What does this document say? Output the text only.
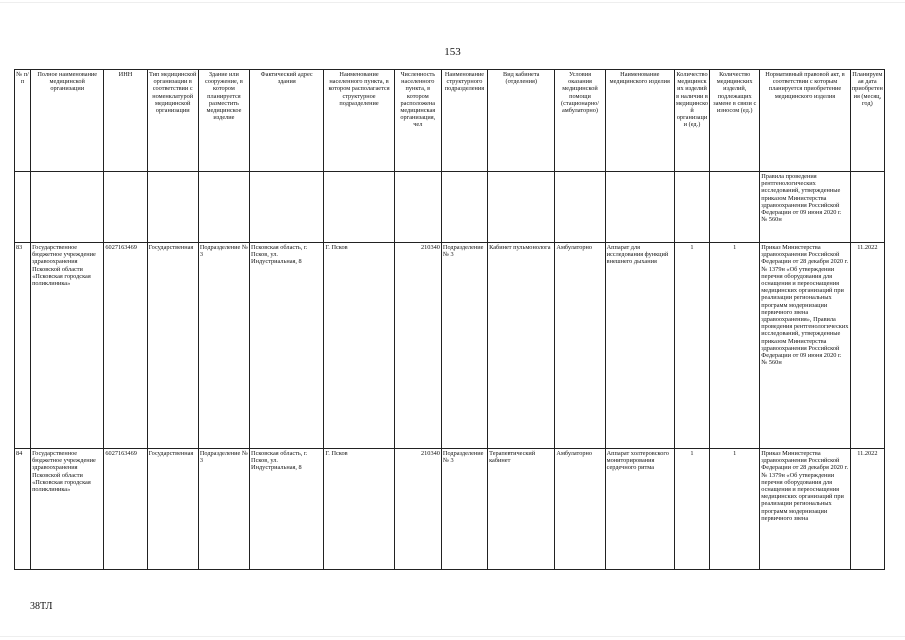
153
№ п/п	Полное наименование медицинской организации	ИНН	Тип медицинской организации в соответствии с номенклатурой медицинской организации	Здание или сооружение, в котором планируется разместить медицинское изделие	Фактический адрес здания	Наименование населенного пункта, в котором располагается структурное подразделение	Численность населенного пункта, в котором расположена медицинская организация, чел	Наименование структурного подразделения	Вид кабинета (отделения)	Условия оказания медицинской помощи (стационарно/ амбулаторно)	Наименование медицинского изделия	Количество медицинских изделий в наличии в медицинской организации (ед.)	Количество медицинских изделий, подлежащих замене в связи с износом (ед.)	Нормативный правовой акт, в соответствии с которым планируется приобретение медицинского изделия	Планируемая дата приобретения (месяц, год)
														Правила проведения рентгенологических исследований, утвержденные приказом Министерства здравоохранения Российской Федерации от 09 июня 2020 г. № 560н	
83	Государственное бюджетное учреждение здравоохранения Псковской области «Псковская городская поликлиника»	6027163469	Государственная	Подразделение № 3	Псковская область, г. Псков, ул. Индустриальная, 8	Г. Псков	210340	Подразделение № 3	Кабинет пульмонолога	Амбулаторно	Аппарат для исследования функций внешнего дыхания	1	1	Приказ Министерства здравоохранения Российской Федерации от 28 декабря 2020 г. № 1379н «Об утверждении перечня оборудования для оснащения и переоснащения медицинских организаций при реализации региональных программ модернизации первичного звена здравоохранения», Правила проведения рентгенологических исследований, утвержденные приказом Министерства здравоохранения Российской Федерации от 09 июня 2020 г. № 560н	11.2022
84	Государственное бюджетное учреждение здравоохранения Псковской области «Псковская городская поликлиника»	6027163469	Государственная	Подразделение № 3	Псковская область, г. Псков, ул. Индустриальная, 8	Г. Псков	210340	Подразделение № 3	Терапевтический кабинет	Амбулаторно	Аппарат холтеровского мониторирования сердечного ритма	1	1	Приказ Министерства здравоохранения Российской Федерации от 28 декабря 2020 г. № 1379н «Об утверждении перечня оборудования для оснащения и переоснащения медицинских организаций при реализации региональных программ модернизации первичного звена	11.2022
38ТЛ
